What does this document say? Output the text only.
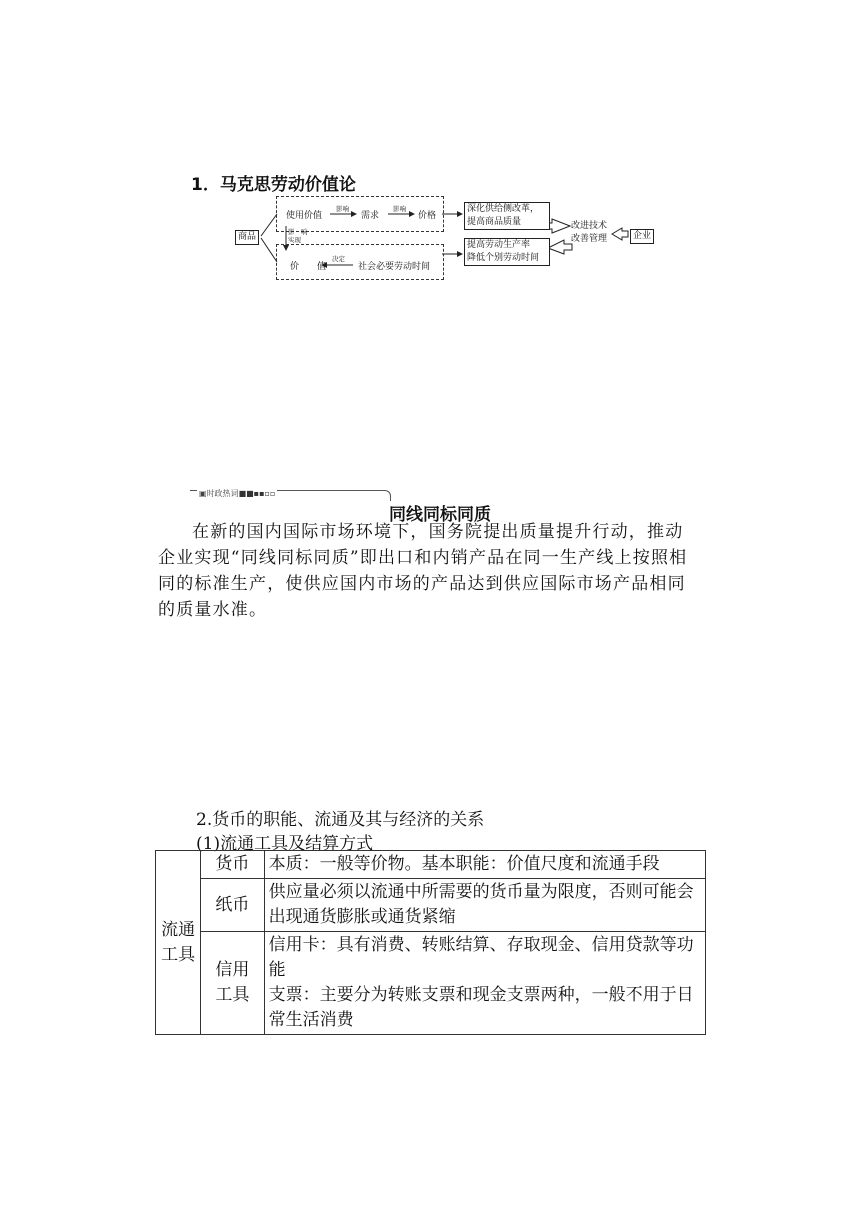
1．马克思劳动价值论
商品
使用价值
影响
需求
影响
价格
影　响
实现
价　　值
决定
社会必要劳动时间
深化供给侧改革，
提高商品质量
提高劳动生产率
降低个别劳动时间
改进技术
改善管理	企业
▣时政热词■■▪▪▫▫
同线同标同质
在新的国内国际市场环境下，国务院提出质量提升行动，推动企业实现“同线同标同质”即出口和内销产品在同一生产线上按照相同的标准生产，使供应国内市场的产品达到供应国际市场产品相同的质量水准。
2.货币的职能、流通及其与经济的关系
(1)流通工具及结算方式
流通
工具	货币	本质：一般等价物。基本职能：价值尺度和流通手段
	纸币	供应量必须以流通中所需要的货币量为限度，否则可能会出现通货膨胀或通货紧缩
	信用
工具	信用卡：具有消费、转账结算、存取现金、信用贷款等功能
支票：主要分为转账支票和现金支票两种，一般不用于日常生活消费
